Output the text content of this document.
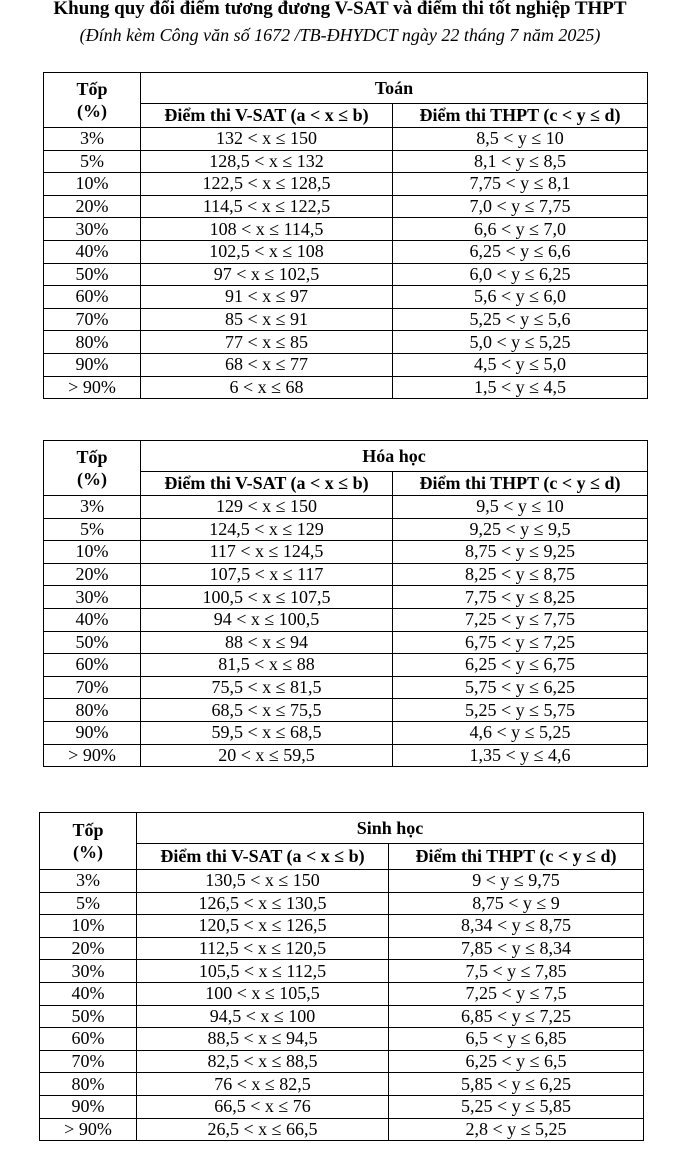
Khung quy đổi điểm tương đương V-SAT và điểm thi tốt nghiệp THPT
(Đính kèm Công văn số 1672 /TB-ĐHYDCT ngày 22 tháng 7 năm 2025)
Tốp
(%)	Toán	
	Điểm thi V-SAT (a < x ≤ b)	Điểm thi THPT (c < y ≤ d)
3%	132 < x ≤ 150	8,5 < y ≤ 10
5%	128,5 < x ≤ 132	8,1 < y ≤ 8,5
10%	122,5 < x ≤ 128,5	7,75 < y ≤ 8,1
20%	114,5 < x ≤ 122,5	7,0 < y ≤ 7,75
30%	108 < x ≤ 114,5	6,6 < y ≤ 7,0
40%	102,5 < x ≤ 108	6,25 < y ≤ 6,6
50%	97 < x ≤ 102,5	6,0 < y ≤ 6,25
60%	91 < x ≤ 97	5,6 < y ≤ 6,0
70%	85 < x ≤ 91	5,25 < y ≤ 5,6
80%	77 < x ≤ 85	5,0 < y ≤ 5,25
90%	68 < x ≤ 77	4,5 < y ≤ 5,0
> 90%	6 < x ≤ 68	1,5 < y ≤ 4,5
Tốp
(%)	Hóa học	
	Điểm thi V-SAT (a < x ≤ b)	Điểm thi THPT (c < y ≤ d)
3%	129 < x ≤ 150	9,5 < y ≤ 10
5%	124,5 < x ≤ 129	9,25 < y ≤ 9,5
10%	117 < x ≤ 124,5	8,75 < y ≤ 9,25
20%	107,5 < x ≤ 117	8,25 < y ≤ 8,75
30%	100,5 < x ≤ 107,5	7,75 < y ≤ 8,25
40%	94 < x ≤ 100,5	7,25 < y ≤ 7,75
50%	88 < x ≤ 94	6,75 < y ≤ 7,25
60%	81,5 < x ≤ 88	6,25 < y ≤ 6,75
70%	75,5 < x ≤ 81,5	5,75 < y ≤ 6,25
80%	68,5 < x ≤ 75,5	5,25 < y ≤ 5,75
90%	59,5 < x ≤ 68,5	4,6 < y ≤ 5,25
> 90%	20 < x ≤ 59,5	1,35 < y ≤ 4,6
Tốp
(%)	Sinh học	
	Điểm thi V-SAT (a < x ≤ b)	Điểm thi THPT (c < y ≤ d)
3%	130,5 < x ≤ 150	9 < y ≤ 9,75
5%	126,5 < x ≤ 130,5	8,75 < y ≤ 9
10%	120,5 < x ≤ 126,5	8,34 < y ≤ 8,75
20%	112,5 < x ≤ 120,5	7,85 < y ≤ 8,34
30%	105,5 < x ≤ 112,5	7,5 < y ≤ 7,85
40%	100 < x ≤ 105,5	7,25 < y ≤ 7,5
50%	94,5 < x ≤ 100	6,85 < y ≤ 7,25
60%	88,5 < x ≤ 94,5	6,5 < y ≤ 6,85
70%	82,5 < x ≤ 88,5	6,25 < y ≤ 6,5
80%	76 < x ≤ 82,5	5,85 < y ≤ 6,25
90%	66,5 < x ≤ 76	5,25 < y ≤ 5,85
> 90%	26,5 < x ≤ 66,5	2,8 < y ≤ 5,25
